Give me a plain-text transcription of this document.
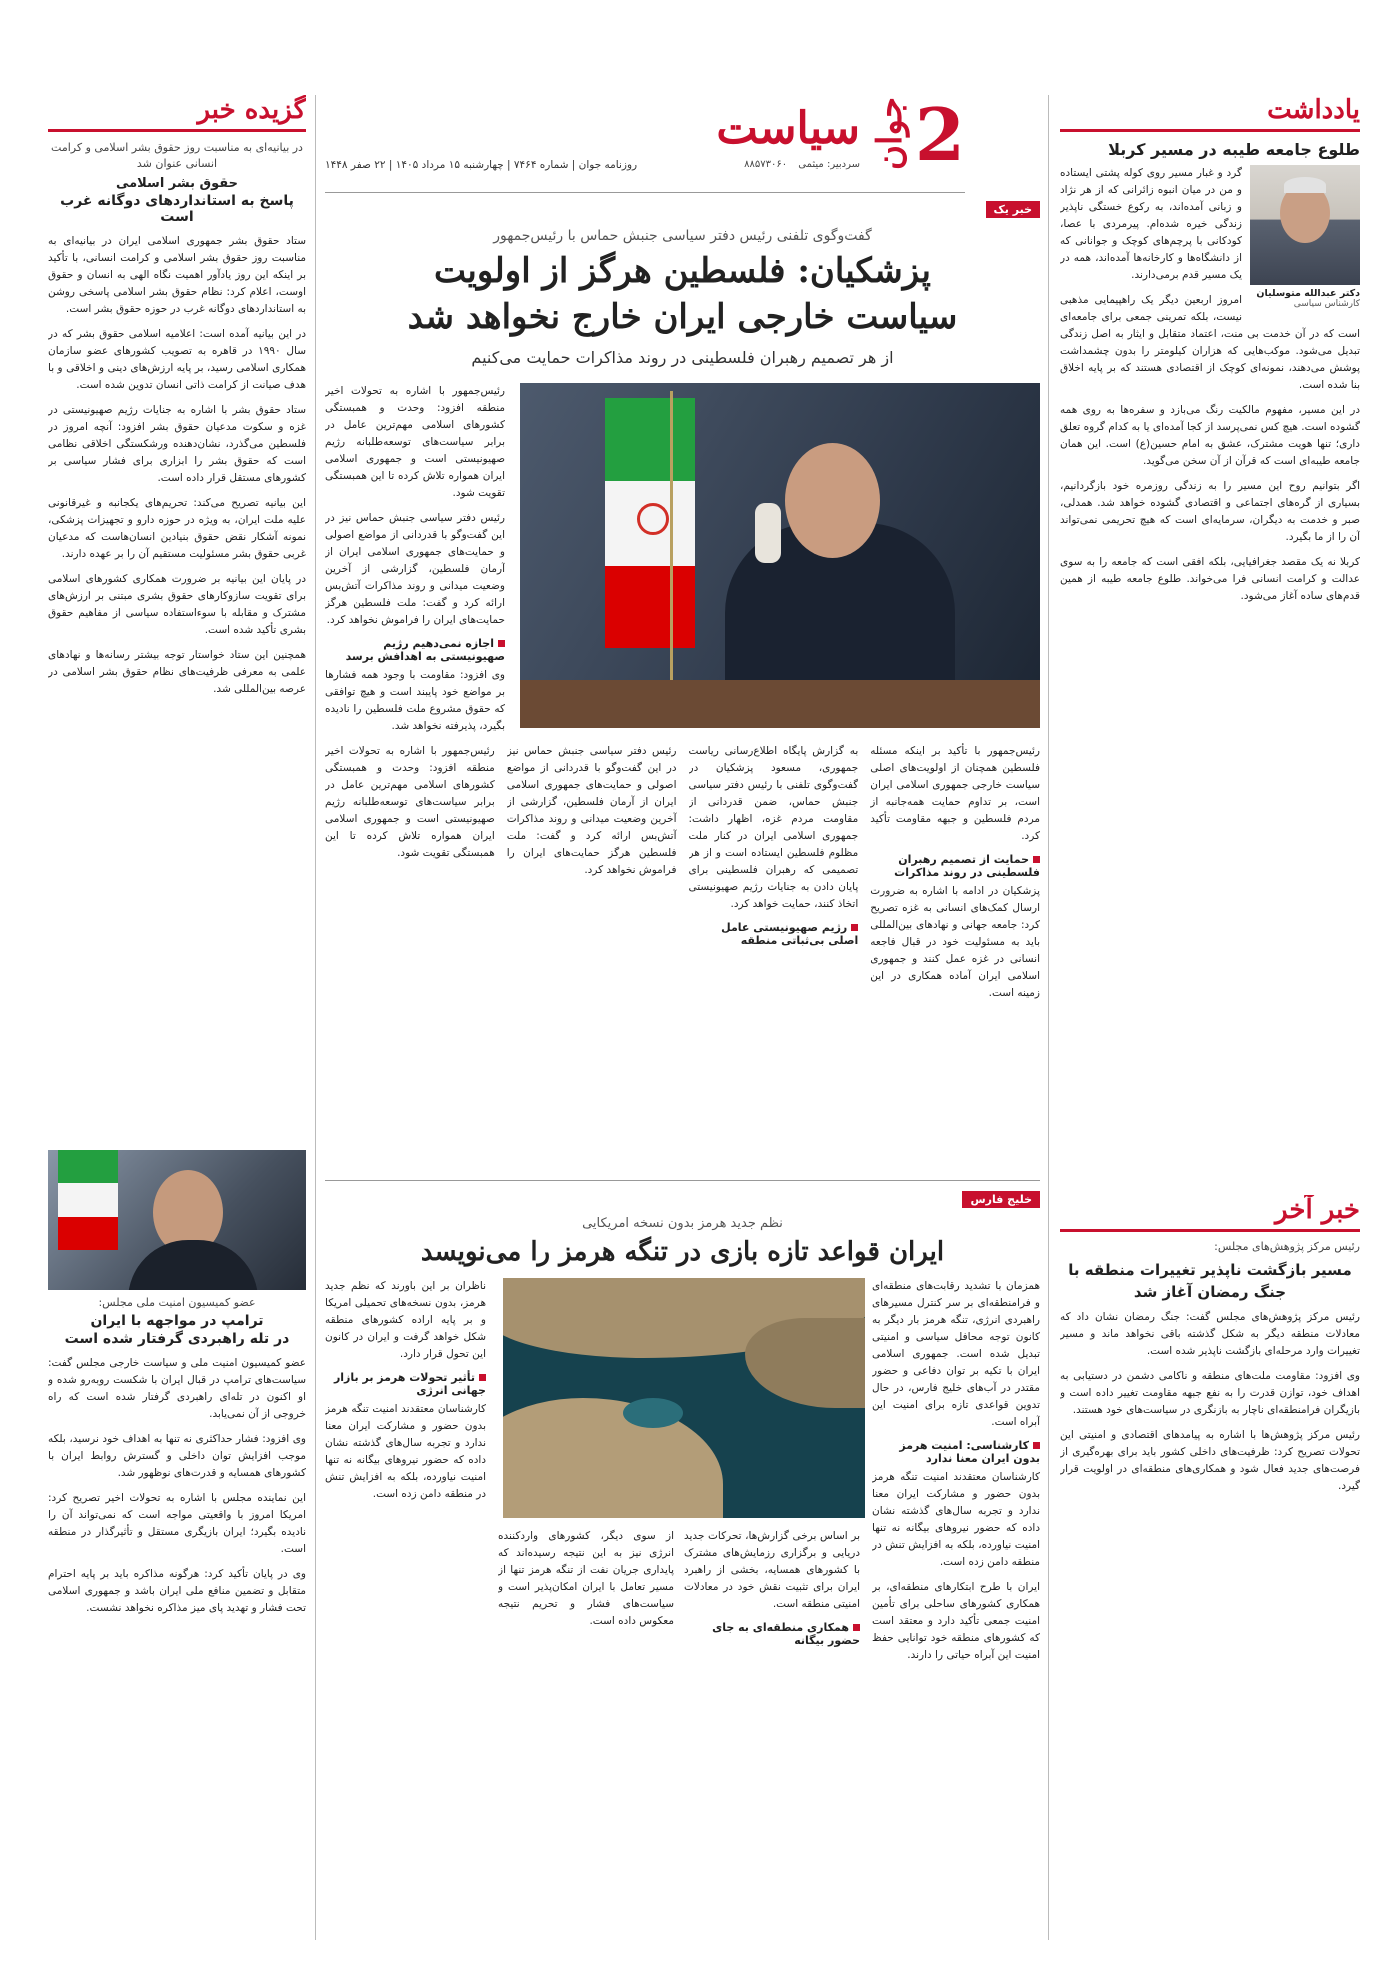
2
جوان
سیاست
سردبیر: میثمی ۸۸۵۷۳۰۶۰
روزنامه جوان | شماره ۷۴۶۴ | چهارشنبه ۱۵ مرداد ۱۴۰۵ | ۲۲ صفر ۱۴۴۸
یادداشت
طلوع جامعه طیبه در مسیر کربلا
دکتر عبدالله متوسلیان
کارشناس سیاسی

گرد و غبار مسیر روی کوله پشتی ایستاده و من در میان انبوه زائرانی که از هر نژاد و زبانی آمده‌اند، به رکوع خستگی ناپذیر زندگی خیره شده‌ام. پیرمردی با عصا، کودکانی با پرچم‌های کوچک و جوانانی که از دانشگاه‌ها و کارخانه‌ها آمده‌اند، همه در یک مسیر قدم برمی‌دارند.

امروز اربعین دیگر یک راهپیمایی مذهبی نیست، بلکه تمرینی جمعی برای جامعه‌ای است که در آن خدمت بی منت، اعتماد متقابل و ایثار به اصل زندگی تبدیل می‌شود. موکب‌هایی که هزاران کیلومتر را بدون چشمداشت پوشش می‌دهند، نمونه‌ای کوچک از اقتصادی هستند که بر پایه اخلاق بنا شده است.

در این مسیر، مفهوم مالکیت رنگ می‌بازد و سفره‌ها به روی همه گشوده است. هیچ کس نمی‌پرسد از کجا آمده‌ای یا به کدام گروه تعلق داری؛ تنها هویت مشترک، عشق به امام حسین(ع) است. این همان جامعه طیبه‌ای است که قرآن از آن سخن می‌گوید.

اگر بتوانیم روح این مسیر را به زندگی روزمره خود بازگردانیم، بسیاری از گره‌های اجتماعی و اقتصادی گشوده خواهد شد. همدلی، صبر و خدمت به دیگران، سرمایه‌ای است که هیچ تحریمی نمی‌تواند آن را از ما بگیرد.

کربلا نه یک مقصد جغرافیایی، بلکه افقی است که جامعه را به سوی عدالت و کرامت انسانی فرا می‌خواند. طلوع جامعه طیبه از همین قدم‌های ساده آغاز می‌شود.

خبر آخر
رئیس مرکز پژوهش‌های مجلس:
مسیر بازگشت ناپذیر تغییرات منطقه با جنگ رمضان آغاز شد

رئیس مرکز پژوهش‌های مجلس گفت: جنگ رمضان نشان داد که معادلات منطقه دیگر به شکل گذشته باقی نخواهد ماند و مسیر تغییرات وارد مرحله‌ای بازگشت ناپذیر شده است.

وی افزود: مقاومت ملت‌های منطقه و ناکامی دشمن در دستیابی به اهداف خود، توازن قدرت را به نفع جبهه مقاومت تغییر داده است و بازیگران فرامنطقه‌ای ناچار به بازنگری در سیاست‌های خود هستند.

رئیس مرکز پژوهش‌ها با اشاره به پیامدهای اقتصادی و امنیتی این تحولات تصریح کرد: ظرفیت‌های داخلی کشور باید برای بهره‌گیری از فرصت‌های جدید فعال شود و همکاری‌های منطقه‌ای در اولویت قرار گیرد.

خبر یک
گفت‌وگوی تلفنی رئیس دفتر سیاسی جنبش حماس با رئیس‌جمهور
پزشکیان: فلسطین هرگز از اولویت
سیاست خارجی ایران خارج نخواهد شد
از هر تصمیم رهبران فلسطینی در روند مذاکرات حمایت می‌کنیم

رئیس‌جمهور با اشاره به تحولات اخیر منطقه افزود: وحدت و همبستگی کشورهای اسلامی مهم‌ترین عامل در برابر سیاست‌های توسعه‌طلبانه رژیم صهیونیستی است و جمهوری اسلامی ایران همواره تلاش کرده تا این همبستگی تقویت شود.

رئیس دفتر سیاسی جنبش حماس نیز در این گفت‌وگو با قدردانی از مواضع اصولی و حمایت‌های جمهوری اسلامی ایران از آرمان فلسطین، گزارشی از آخرین وضعیت میدانی و روند مذاکرات آتش‌بس ارائه کرد و گفت: ملت فلسطین هرگز حمایت‌های ایران را فراموش نخواهد کرد.

اجازه نمی‌دهیم رژیم صهیونیستی به اهدافش برسد

وی افزود: مقاومت با وجود همه فشارها بر مواضع خود پایبند است و هیچ توافقی که حقوق مشروع ملت فلسطین را نادیده بگیرد، پذیرفته نخواهد شد.

رئیس‌جمهور با تأکید بر اینکه مسئله فلسطین همچنان از اولویت‌های اصلی سیاست خارجی جمهوری اسلامی ایران است، بر تداوم حمایت همه‌جانبه از مردم فلسطین و جبهه مقاومت تأکید کرد.

حمایت از تصمیم رهبران فلسطینی در روند مذاکرات

پزشکیان در ادامه با اشاره به ضرورت ارسال کمک‌های انسانی به غزه تصریح کرد: جامعه جهانی و نهادهای بین‌المللی باید به مسئولیت خود در قبال فاجعه انسانی در غزه عمل کنند و جمهوری اسلامی ایران آماده همکاری در این زمینه است.

به گزارش پایگاه اطلاع‌رسانی ریاست جمهوری، مسعود پزشکیان در گفت‌وگوی تلفنی با رئیس دفتر سیاسی جنبش حماس، ضمن قدردانی از مقاومت مردم غزه، اظهار داشت: جمهوری اسلامی ایران در کنار ملت مظلوم فلسطین ایستاده است و از هر تصمیمی که رهبران فلسطینی برای پایان دادن به جنایات رژیم صهیونیستی اتخاذ کنند، حمایت خواهد کرد.

رژیم صهیونیستی عامل اصلی بی‌ثباتی منطقه

رئیس دفتر سیاسی جنبش حماس نیز در این گفت‌وگو با قدردانی از مواضع اصولی و حمایت‌های جمهوری اسلامی ایران از آرمان فلسطین، گزارشی از آخرین وضعیت میدانی و روند مذاکرات آتش‌بس ارائه کرد و گفت: ملت فلسطین هرگز حمایت‌های ایران را فراموش نخواهد کرد.

رئیس‌جمهور با اشاره به تحولات اخیر منطقه افزود: وحدت و همبستگی کشورهای اسلامی مهم‌ترین عامل در برابر سیاست‌های توسعه‌طلبانه رژیم صهیونیستی است و جمهوری اسلامی ایران همواره تلاش کرده تا این همبستگی تقویت شود.

خلیج فارس
نظم جدید هرمز بدون نسخه امریکایی
ایران قواعد تازه بازی در تنگه هرمز را می‌نویسد

همزمان با تشدید رقابت‌های منطقه‌ای و فرامنطقه‌ای بر سر کنترل مسیرهای راهبردی انرژی، تنگه هرمز بار دیگر به کانون توجه محافل سیاسی و امنیتی تبدیل شده است. جمهوری اسلامی ایران با تکیه بر توان دفاعی و حضور مقتدر در آب‌های خلیج فارس، در حال تدوین قواعدی تازه برای امنیت این آبراه است.

کارشناسی: امنیت هرمز بدون ایران معنا ندارد

کارشناسان معتقدند امنیت تنگه هرمز بدون حضور و مشارکت ایران معنا ندارد و تجربه سال‌های گذشته نشان داده که حضور نیروهای بیگانه نه تنها امنیت نیاورده، بلکه به افزایش تنش در منطقه دامن زده است.

ایران با طرح ابتکارهای منطقه‌ای، بر همکاری کشورهای ساحلی برای تأمین امنیت جمعی تأکید دارد و معتقد است که کشورهای منطقه خود توانایی حفظ امنیت این آبراه حیاتی را دارند.

بر اساس برخی گزارش‌ها، تحرکات جدید دریایی و برگزاری رزمایش‌های مشترک با کشورهای همسایه، بخشی از راهبرد ایران برای تثبیت نقش خود در معادلات امنیتی منطقه است.

همکاری منطقه‌ای به جای حضور بیگانه

از سوی دیگر، کشورهای واردکننده انرژی نیز به این نتیجه رسیده‌اند که پایداری جریان نفت از تنگه هرمز تنها از مسیر تعامل با ایران امکان‌پذیر است و سیاست‌های فشار و تحریم نتیجه معکوس داده است.

ناظران بر این باورند که نظم جدید هرمز، بدون نسخه‌های تحمیلی امریکا و بر پایه اراده کشورهای منطقه شکل خواهد گرفت و ایران در کانون این تحول قرار دارد.

تأثیر تحولات هرمز بر بازار جهانی انرژی

کارشناسان معتقدند امنیت تنگه هرمز بدون حضور و مشارکت ایران معنا ندارد و تجربه سال‌های گذشته نشان داده که حضور نیروهای بیگانه نه تنها امنیت نیاورده، بلکه به افزایش تنش در منطقه دامن زده است.

گزیده خبر
در بیانیه‌ای به مناسبت روز حقوق بشر اسلامی و کرامت انسانی عنوان شد
حقوق بشر اسلامی
پاسخ به استانداردهای دوگانه غرب است

ستاد حقوق بشر جمهوری اسلامی ایران در بیانیه‌ای به مناسبت روز حقوق بشر اسلامی و کرامت انسانی، با تأکید بر اینکه این روز یادآور اهمیت نگاه الهی به انسان و حقوق اوست، اعلام کرد: نظام حقوق بشر اسلامی پاسخی روشن به استانداردهای دوگانه غرب در حوزه حقوق بشر است.

در این بیانیه آمده است: اعلامیه اسلامی حقوق بشر که در سال ۱۹۹۰ در قاهره به تصویب کشورهای عضو سازمان همکاری اسلامی رسید، بر پایه ارزش‌های دینی و اخلاقی و با هدف صیانت از کرامت ذاتی انسان تدوین شده است.

ستاد حقوق بشر با اشاره به جنایات رژیم صهیونیستی در غزه و سکوت مدعیان حقوق بشر افزود: آنچه امروز در فلسطین می‌گذرد، نشان‌دهنده ورشکستگی اخلاقی نظامی است که حقوق بشر را ابزاری برای فشار سیاسی بر کشورهای مستقل قرار داده است.

این بیانیه تصریح می‌کند: تحریم‌های یکجانبه و غیرقانونی علیه ملت ایران، به ویژه در حوزه دارو و تجهیزات پزشکی، نمونه آشکار نقض حقوق بنیادین انسان‌هاست که مدعیان غربی حقوق بشر مسئولیت مستقیم آن را بر عهده دارند.

در پایان این بیانیه بر ضرورت همکاری کشورهای اسلامی برای تقویت سازوکارهای حقوق بشری مبتنی بر ارزش‌های مشترک و مقابله با سوءاستفاده سیاسی از مفاهیم حقوق بشری تأکید شده است.

همچنین این ستاد خواستار توجه بیشتر رسانه‌ها و نهادهای علمی به معرفی ظرفیت‌های نظام حقوق بشر اسلامی در عرصه بین‌المللی شد.

عضو کمیسیون امنیت ملی مجلس:
ترامپ در مواجهه با ایران
در تله راهبردی گرفتار شده است

عضو کمیسیون امنیت ملی و سیاست خارجی مجلس گفت: سیاست‌های ترامپ در قبال ایران با شکست روبه‌رو شده و او اکنون در تله‌ای راهبردی گرفتار شده است که راه خروجی از آن نمی‌یابد.

وی افزود: فشار حداکثری نه تنها به اهداف خود نرسید، بلکه موجب افزایش توان داخلی و گسترش روابط ایران با کشورهای همسایه و قدرت‌های نوظهور شد.

این نماینده مجلس با اشاره به تحولات اخیر تصریح کرد: امریکا امروز با واقعیتی مواجه است که نمی‌تواند آن را نادیده بگیرد؛ ایران بازیگری مستقل و تأثیرگذار در منطقه است.

وی در پایان تأکید کرد: هرگونه مذاکره باید بر پایه احترام متقابل و تضمین منافع ملی ایران باشد و جمهوری اسلامی تحت فشار و تهدید پای میز مذاکره نخواهد نشست.
